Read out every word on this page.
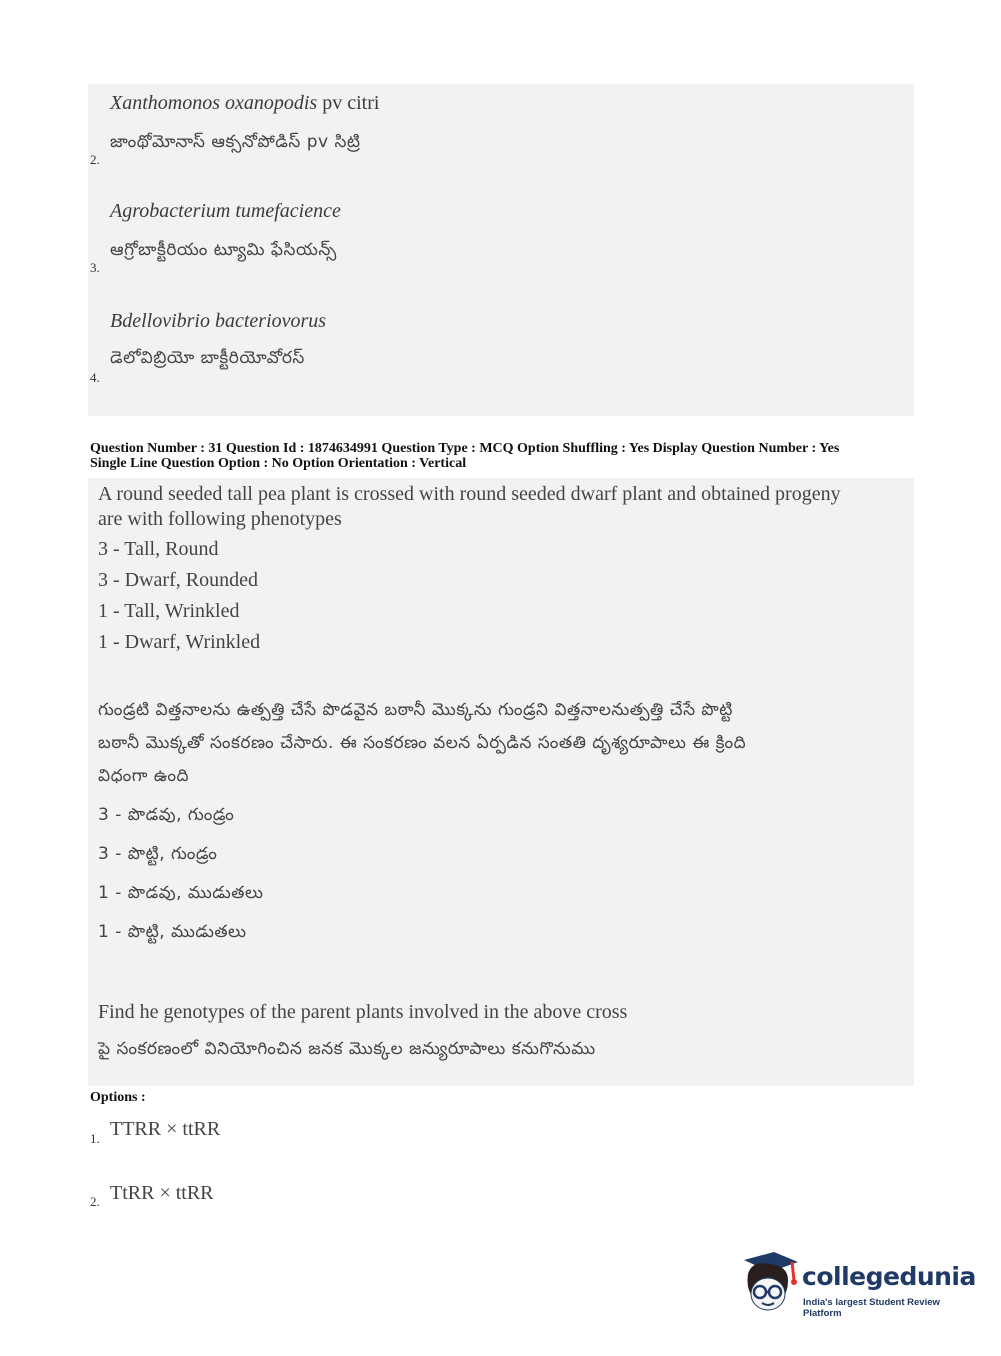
Xanthomonos oxanopodis pv citri
జాంథోమోనాస్ ఆక్సనోపోడిస్ pv సిట్రి
2.
Agrobacterium tumefacience
ఆగ్రోబాక్టీరియం ట్యూమి ఫేసియన్స్
3.
Bdellovibrio bacteriovorus
డెలోవిబ్రియో బాక్టీరియోవోరస్
4.
Question Number : 31 Question Id : 1874634991 Question Type : MCQ Option Shuffling : Yes Display Question Number : Yes
Single Line Question Option : No Option Orientation : Vertical
A round seeded tall pea plant is crossed with round seeded dwarf plant and obtained progeny
are with following phenotypes
3 - Tall, Round
3 - Dwarf, Rounded
1 - Tall, Wrinkled
1 - Dwarf, Wrinkled
గుండ్రటి విత్తనాలను ఉత్పత్తి చేసే పొడవైన బఠానీ మొక్కను గుండ్రని విత్తనాలనుత్పత్తి చేసే పొట్టి
బఠానీ మొక్కతో సంకరణం చేసారు. ఈ సంకరణం వలన ఏర్పడిన సంతతి దృశ్యరూపాలు ఈ క్రింది
విధంగా ఉంది
3 - పొడవు, గుండ్రం
3 - పొట్టి, గుండ్రం
1 - పొడవు, ముడుతలు
1 - పొట్టి, ముడుతలు
Find he genotypes of the parent plants involved in the above cross
పై సంకరణంలో వినియోగించిన జనక మొక్కల జన్యురూపాలు కనుగొనుము
Options :
1. TTRR × ttRR
2. TtRR × ttRR
collegedunia
India's largest Student Review Platform
